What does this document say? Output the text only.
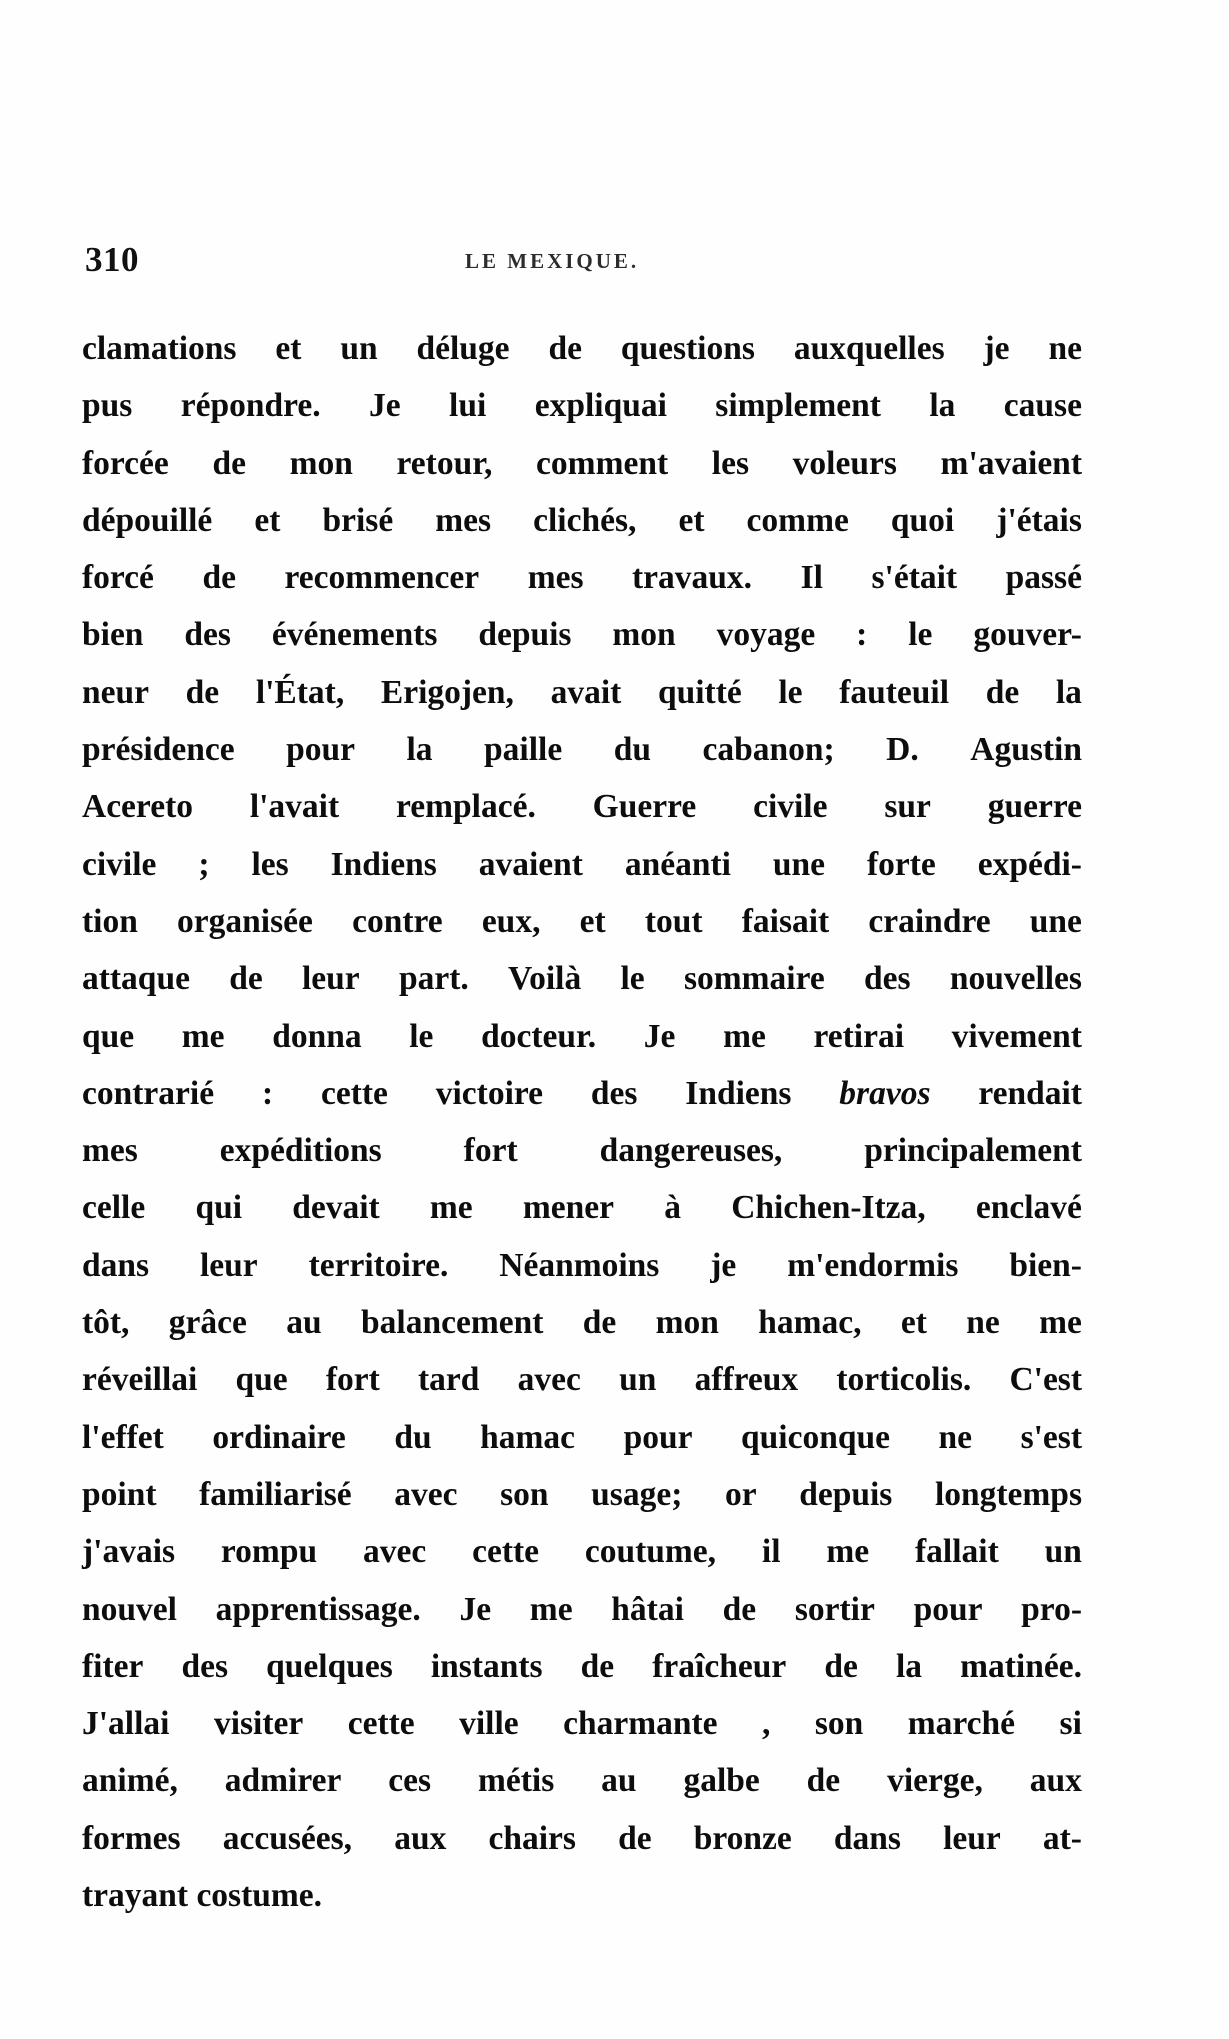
310	LE MEXIQUE.
clamations et un déluge de questions auxquelles je ne
pus répondre. Je lui expliquai simplement la cause
forcée de mon retour, comment les voleurs m'avaient
dépouillé et brisé mes clichés, et comme quoi j'étais
forcé de recommencer mes travaux. Il s'était passé
bien des événements depuis mon voyage : le gouver-
neur de l'État, Erigojen, avait quitté le fauteuil de la
présidence pour la paille du cabanon; D. Agustin
Acereto l'avait remplacé. Guerre civile sur guerre
civile ; les Indiens avaient anéanti une forte expédi-
tion organisée contre eux, et tout faisait craindre une
attaque de leur part. Voilà le sommaire des nouvelles
que me donna le docteur. Je me retirai vivement
contrarié : cette victoire des Indiens bravos rendait
mes expéditions fort dangereuses, principalement
celle qui devait me mener à Chichen-Itza, enclavé
dans leur territoire. Néanmoins je m'endormis bien-
tôt, grâce au balancement de mon hamac, et ne me
réveillai que fort tard avec un affreux torticolis. C'est
l'effet ordinaire du hamac pour quiconque ne s'est
point familiarisé avec son usage; or depuis longtemps
j'avais rompu avec cette coutume, il me fallait un
nouvel apprentissage. Je me hâtai de sortir pour pro-
fiter des quelques instants de fraîcheur de la matinée.
J'allai visiter cette ville charmante , son marché si
animé, admirer ces métis au galbe de vierge, aux
formes accusées, aux chairs de bronze dans leur at-
trayant costume.
